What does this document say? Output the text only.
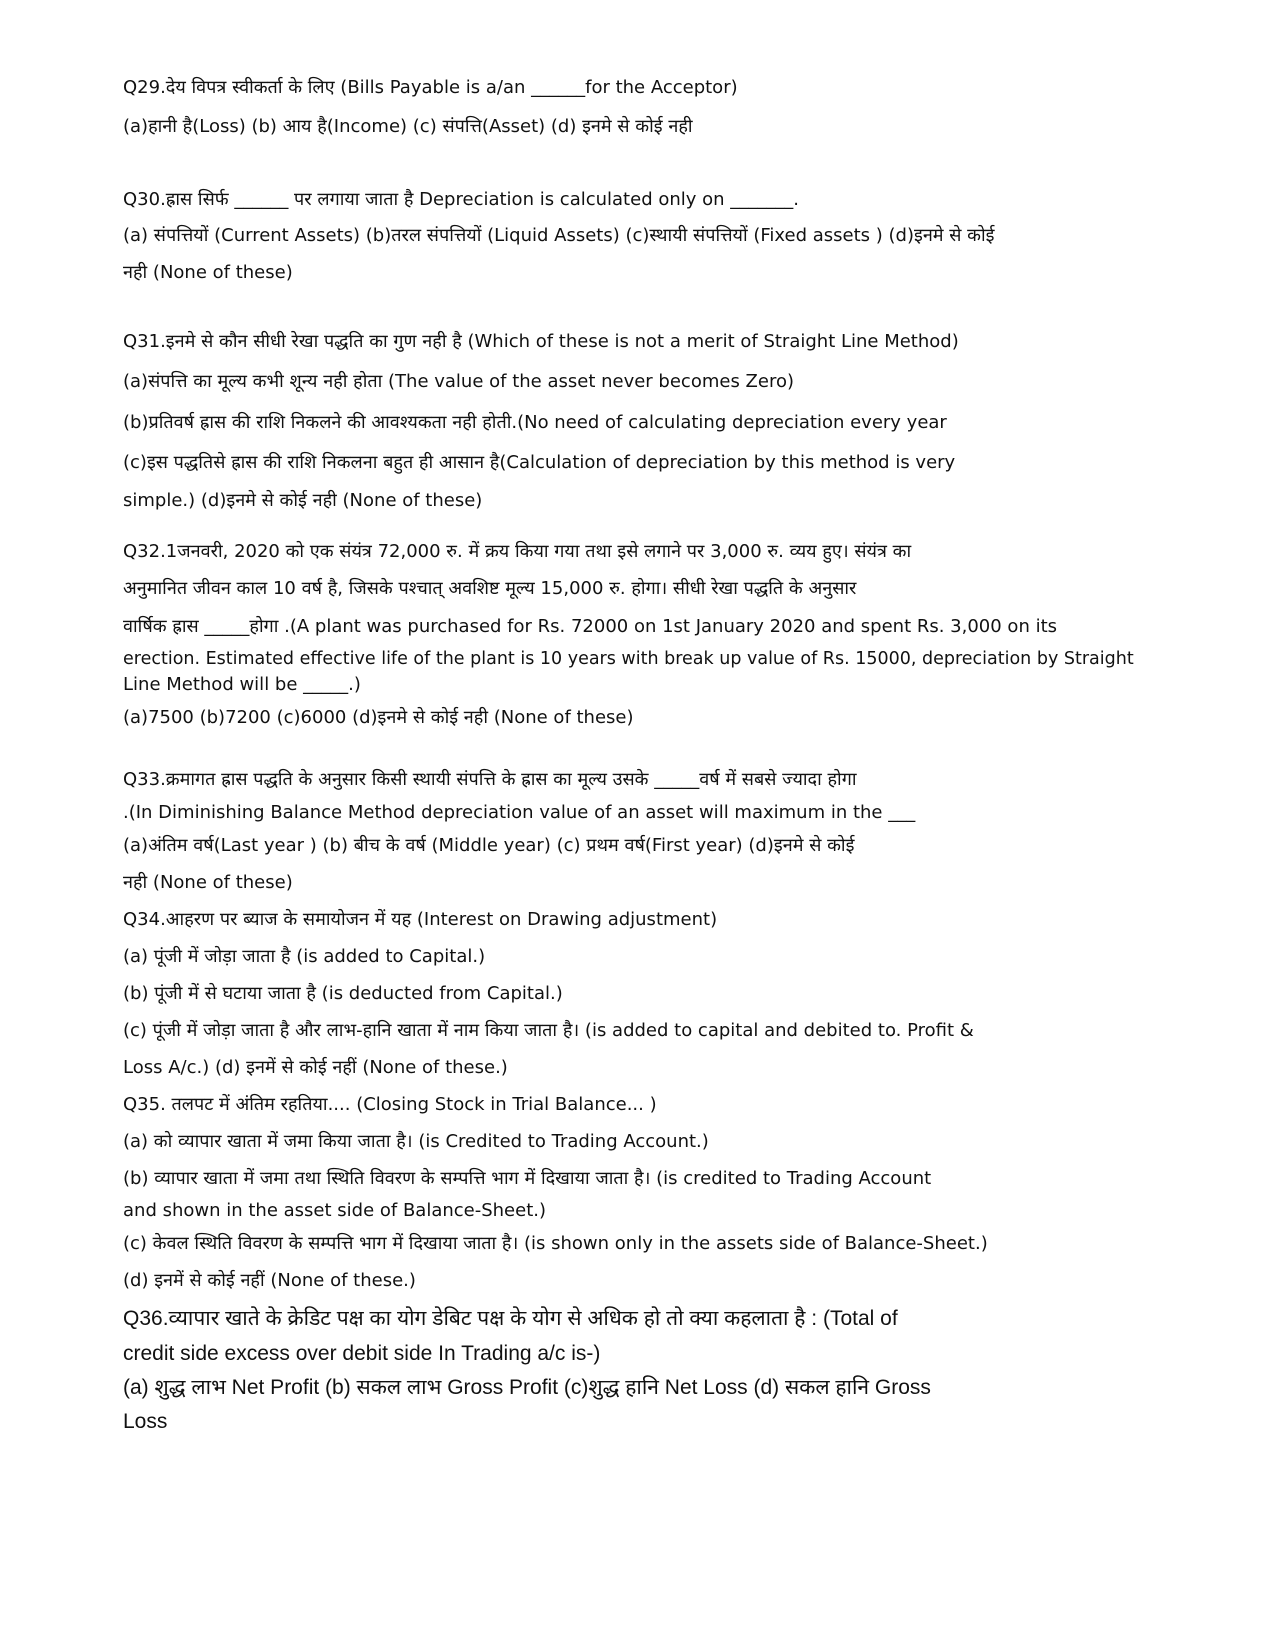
Q29.देय विपत्र स्वीकर्ता के लिए (Bills Payable is a/an ______for the Acceptor)
(a)हानी है(Loss) (b) आय है(Income) (c) संपत्ति(Asset) (d) इनमे से कोई नही
Q30.ह्रास सिर्फ ______ पर लगाया जाता है Depreciation is calculated only on _______.
(a) संपत्तियों (Current Assets) (b)तरल संपत्तियों (Liquid Assets) (c)स्थायी संपत्तियों (Fixed assets ) (d)इनमे से कोई
नही (None of these)
Q31.इनमे से कौन सीधी रेखा पद्धति का गुण नही है (Which of these is not a merit of Straight Line Method)
(a)संपत्ति का मूल्य कभी शून्य नही होता (The value of the asset never becomes Zero)
(b)प्रतिवर्ष ह्रास की राशि निकलने की आवश्यकता नही होती.(No need of calculating depreciation every year
(c)इस पद्धतिसे ह्रास की राशि निकलना बहुत ही आसान है(Calculation of depreciation by this method is very
simple.) (d)इनमे से कोई नही (None of these)
Q32.1जनवरी, 2020 को एक संयंत्र 72,000 रु. में क्रय किया गया तथा इसे लगाने पर 3,000 रु. व्यय हुए। संयंत्र का
अनुमानित जीवन काल 10 वर्ष है, जिसके पश्चात् अवशिष्ट मूल्य 15,000 रु. होगा। सीधी रेखा पद्धति के अनुसार
वार्षिक ह्रास _____होगा .(A plant was purchased for Rs. 72000 on 1st January 2020 and spent Rs. 3,000 on its
erection. Estimated effective life of the plant is 10 years with break up value of Rs. 15000, depreciation by Straight
Line Method will be _____.)
(a)7500 (b)7200 (c)6000 (d)इनमे से कोई नही (None of these)
Q33.क्रमागत ह्रास पद्धति के अनुसार किसी स्थायी संपत्ति के ह्रास का मूल्य उसके _____वर्ष में सबसे ज्यादा होगा
.(In Diminishing Balance Method depreciation value of an asset will maximum in the ___
(a)अंतिम वर्ष(Last year ) (b) बीच के वर्ष (Middle year) (c) प्रथम वर्ष(First year) (d)इनमे से कोई
नही (None of these)
Q34.आहरण पर ब्याज के समायोजन में यह (Interest on Drawing adjustment)
(a) पूंजी में जोड़ा जाता है (is added to Capital.)
(b) पूंजी में से घटाया जाता है (is deducted from Capital.)
(c) पूंजी में जोड़ा जाता है और लाभ-हानि खाता में नाम किया जाता है। (is added to capital and debited to. Profit &
Loss A/c.) (d) इनमें से कोई नहीं (None of these.)
Q35. तलपट में अंतिम रहतिया.... (Closing Stock in Trial Balance... )
(a) को व्यापार खाता में जमा किया जाता है। (is Credited to Trading Account.)
(b) व्यापार खाता में जमा तथा स्थिति विवरण के सम्पत्ति भाग में दिखाया जाता है। (is credited to Trading Account
and shown in the asset side of Balance-Sheet.)
(c) केवल स्थिति विवरण के सम्पत्ति भाग में दिखाया जाता है। (is shown only in the assets side of Balance-Sheet.)
(d) इनमें से कोई नहीं (None of these.)
Q36.व्यापार खाते के क्रेडिट पक्ष का योग डेबिट पक्ष के योग से अधिक हो तो क्या कहलाता है : (Total of
credit side excess over debit side In Trading a/c is-)
(a) शुद्ध लाभ Net Profit (b) सकल लाभ Gross Profit (c)शुद्ध हानि Net Loss (d) सकल हानि Gross
Loss
